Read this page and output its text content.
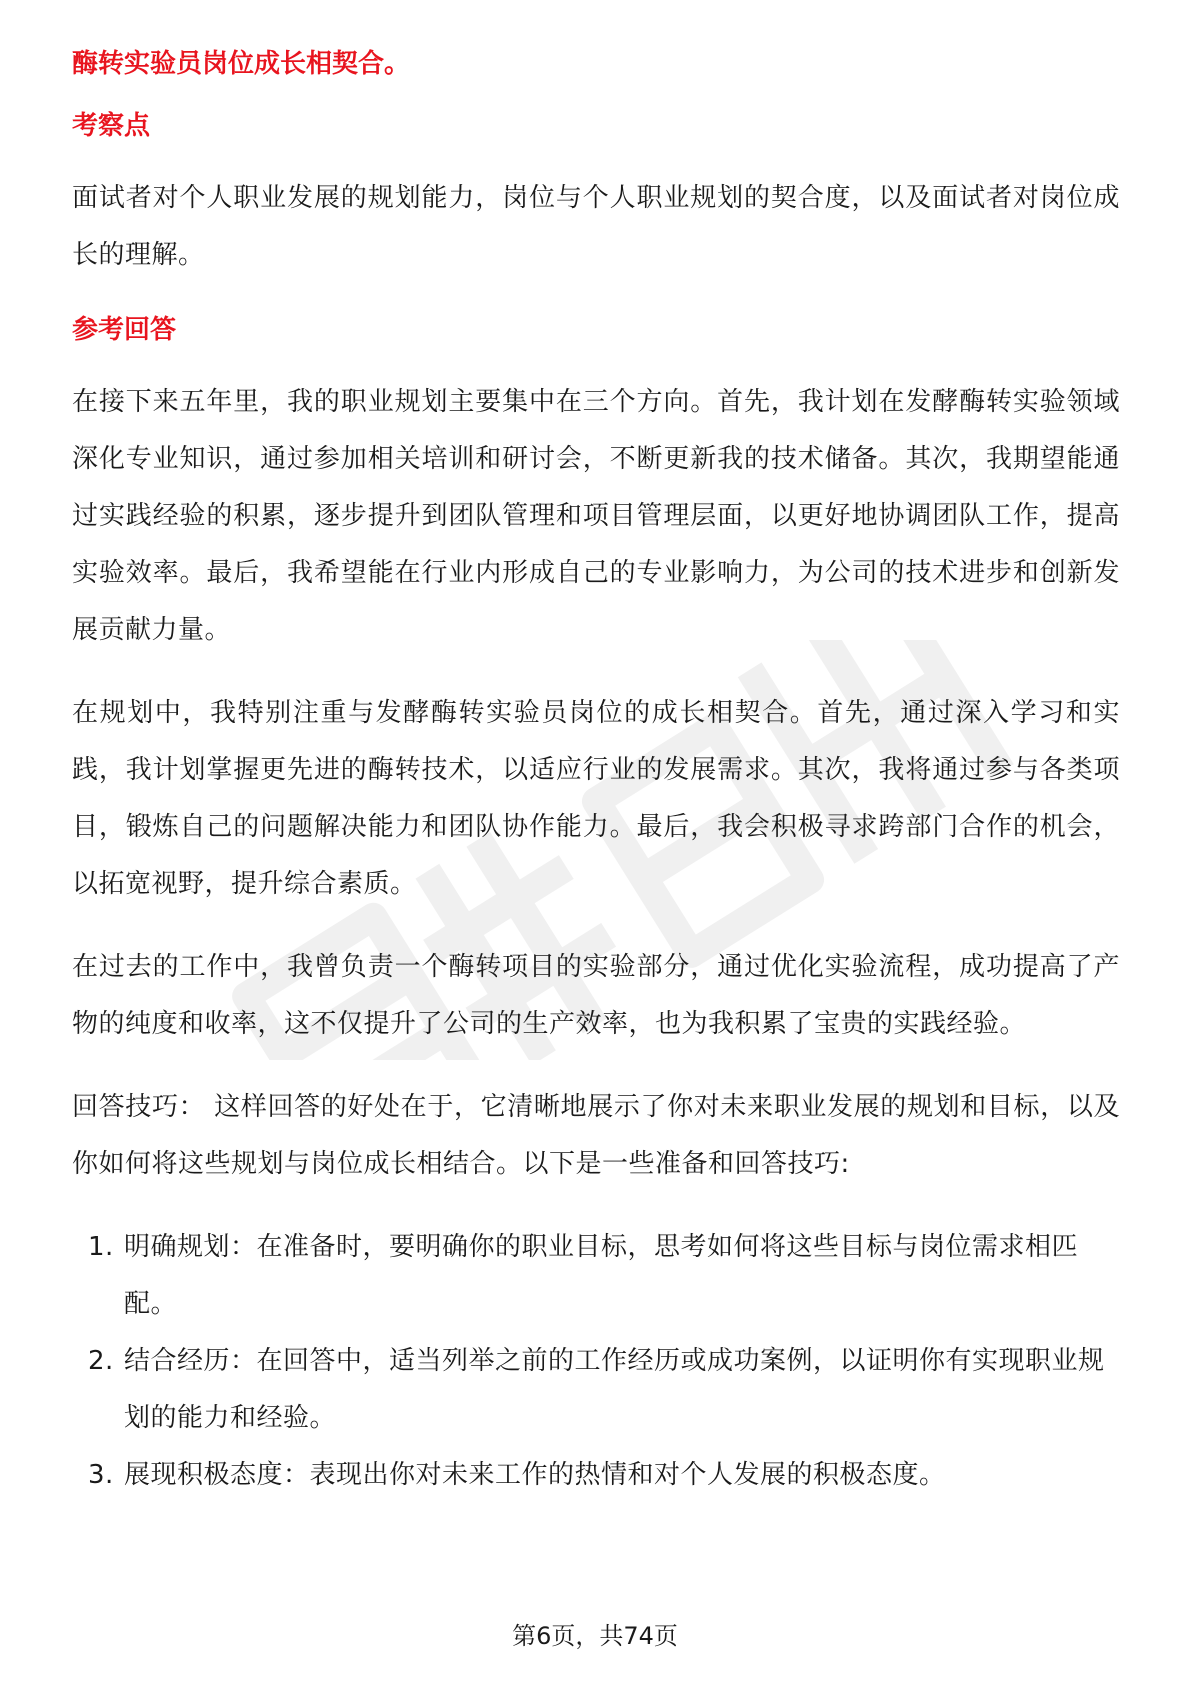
酶转实验员岗位成长相契合。

考察点

面试者对个人职业发展的规划能力，岗位与个人职业规划的契合度，以及面试者对岗位成长的理解。

参考回答

在接下来五年里，我的职业规划主要集中在三个方向。首先，我计划在发酵酶转实验领域深化专业知识，通过参加相关培训和研讨会，不断更新我的技术储备。其次，我期望能通过实践经验的积累，逐步提升到团队管理和项目管理层面，以更好地协调团队工作，提高实验效率。最后，我希望能在行业内形成自己的专业影响力，为公司的技术进步和创新发展贡献力量。

在规划中，我特别注重与发酵酶转实验员岗位的成长相契合。首先，通过深入学习和实践，我计划掌握更先进的酶转技术，以适应行业的发展需求。其次，我将通过参与各类项目，锻炼自己的问题解决能力和团队协作能力。最后，我会积极寻求跨部门合作的机会，以拓宽视野，提升综合素质。

在过去的工作中，我曾负责一个酶转项目的实验部分，通过优化实验流程，成功提高了产物的纯度和收率，这不仅提升了公司的生产效率，也为我积累了宝贵的实践经验。

回答技巧： 这样回答的好处在于，它清晰地展示了你对未来职业发展的规划和目标，以及你如何将这些规划与岗位成长相结合。以下是一些准备和回答技巧:

1. 明确规划：在准备时，要明确你的职业目标，思考如何将这些目标与岗位需求相匹配。
2. 结合经历：在回答中，适当列举之前的工作经历或成功案例，以证明你有实现职业规划的能力和经验。
3. 展现积极态度：表现出你对未来工作的热情和对个人发展的积极态度。
第6页，共74页
